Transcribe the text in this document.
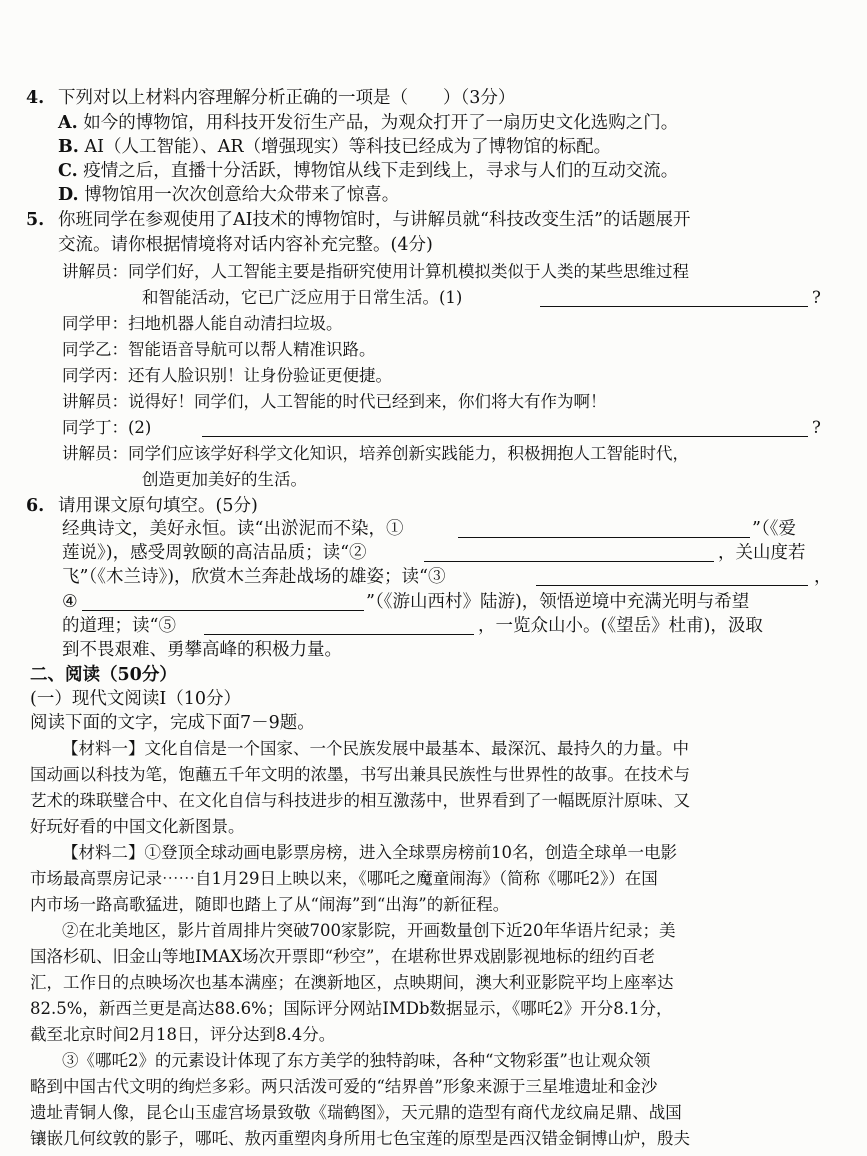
4. 下列对以上材料内容理解分析正确的一项是（　　）（3分）
A. 如今的博物馆，用科技开发衍生产品，为观众打开了一扇历史文化选购之门。
B. AI（人工智能）、AR（增强现实）等科技已经成为了博物馆的标配。
C. 疫情之后，直播十分活跃，博物馆从线下走到线上，寻求与人们的互动交流。
D. 博物馆用一次次创意给大众带来了惊喜。
5. 你班同学在参观使用了AI技术的博物馆时，与讲解员就“科技改变生活”的话题展开
交流。请你根据情境将对话内容补充完整。(4分)
讲解员：同学们好，人工智能主要是指研究使用计算机模拟类似于人类的某些思维过程
和智能活动，它已广泛应用于日常生活。(1)	?
同学甲：扫地机器人能自动清扫垃圾。
同学乙：智能语音导航可以帮人精准识路。
同学丙：还有人脸识别！让身份验证更便捷。
讲解员：说得好！同学们，人工智能的时代已经到来，你们将大有作为啊！
同学丁：(2)	?
讲解员：同学们应该学好科学文化知识，培养创新实践能力，积极拥抱人工智能时代，
创造更加美好的生活。
6. 请用课文原句填空。(5分)
经典诗文，美好永恒。读“出淤泥而不染，①	”（《爱
莲说》)，感受周敦颐的高洁品质；读“②	，关山度若
飞”（《木兰诗》)，欣赏木兰奔赴战场的雄姿；读“③	，
④	”（《游山西村》陆游)，领悟逆境中充满光明与希望
的道理；读“⑤	，一览众山小。(《望岳》杜甫)，汲取
到不畏艰难、勇攀高峰的积极力量。
二、阅读（50分）
(一）现代文阅读Ⅰ（10分）
阅读下面的文字，完成下面7－9题。
【材料一】文化自信是一个国家、一个民族发展中最基本、最深沉、最持久的力量。中
国动画以科技为笔，饱蘸五千年文明的浓墨，书写出兼具民族性与世界性的故事。在技术与
艺术的珠联璧合中、在文化自信与科技进步的相互激荡中，世界看到了一幅既原汁原味、又
好玩好看的中国文化新图景。
【材料二】①登顶全球动画电影票房榜，进入全球票房榜前10名，创造全球单一电影
市场最高票房记录⋯⋯自1月29日上映以来，《哪吒之魔童闹海》（简称《哪吒2》）在国
内市场一路高歌猛进，随即也踏上了从“闹海”到“出海”的新征程。
②在北美地区，影片首周排片突破700家影院，开画数量创下近20年华语片纪录；美
国洛杉矶、旧金山等地IMAX场次开票即“秒空”，在堪称世界戏剧影视地标的纽约百老
汇，工作日的点映场次也基本满座；在澳新地区，点映期间，澳大利亚影院平均上座率达
82.5%，新西兰更是高达88.6%；国际评分网站IMDb数据显示，《哪吒2》开分8.1分，
截至北京时间2月18日，评分达到8.4分。
③《哪吒2》的元素设计体现了东方美学的独特韵味，各种“文物彩蛋”也让观众领
略到中国古代文明的绚烂多彩。两只活泼可爱的“结界兽”形象来源于三星堆遗址和金沙
遗址青铜人像，昆仑山玉虚宫场景致敬《瑞鹤图》，天元鼎的造型有商代龙纹扁足鼎、战国
镶嵌几何纹敦的影子，哪吒、敖丙重塑肉身所用七色宝莲的原型是西汉错金铜博山炉，殷夫
